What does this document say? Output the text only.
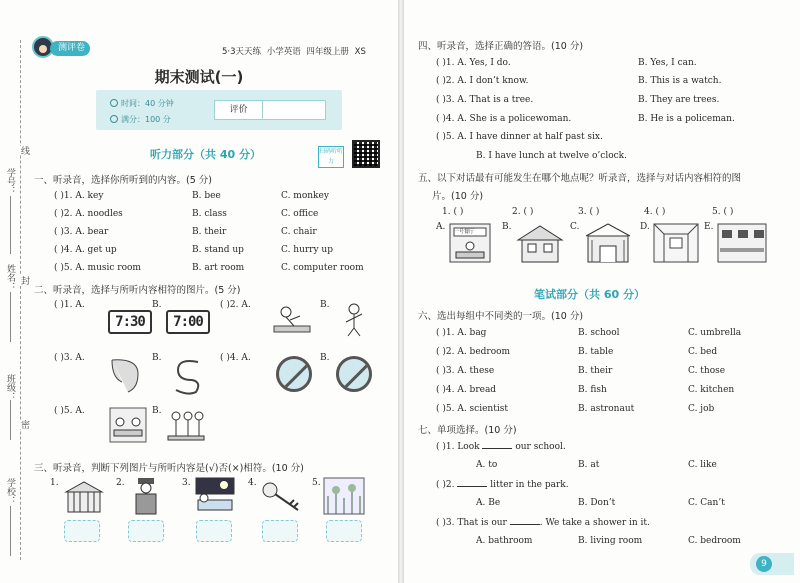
学号：
线
姓名： 封
班级：
密
学校：
测评卷	5·3天天练 小学英语 四年级上册 XS
期末测试(一)
时间：40 分钟
满分：100 分
评价
听力部分（共 40 分）	扫码听听力
一、听录音，选择你所听到的内容。(5 分)
( )1. A. key	B. bee	C. monkey
( )2. A. noodles	B. class	C. office
( )3. A. bear	B. their	C. chair
( )4. A. get up	B. stand up	C. hurry up
( )5. A. music room	B. art room	C. computer room
二、听录音，选择与所听内容相符的图片。(5 分)
( )1. A.
7:30
B.
7:00
( )2. A.	B.
( )3. A.	B.	( )4. A.	B.
( )5. A.	B.
三、听录音，判断下列图片与所听内容是(√)否(×)相符。(10 分)
1.	2.	3.	4.	5.
四、听录音，选择正确的答语。(10 分)
( )1. A. Yes, I do.	B. Yes, I can.
( )2. A. I don’t know.	B. This is a watch.
( )3. A. That is a tree.	B. They are trees.
( )4. A. She is a policewoman.	B. He is a policeman.
( )5. A. I have dinner at half past six.
B. I have lunch at twelve o’clock.
五、以下对话最有可能发生在哪个地点呢？听录音，选择与对话内容相符的图
片。(10 分)
1. ( )	2. ( )	3. ( )	4. ( )	5. ( )
A. 一号餐厅	B.	C.	D.	E.
笔试部分（共 60 分）
六、选出每组中不同类的一项。(10 分)
( )1. A. bag	B. school	C. umbrella
( )2. A. bedroom	B. table	C. bed
( )3. A. these	B. their	C. those
( )4. A. bread	B. fish	C. kitchen
( )5. A. scientist	B. astronaut	C. job
七、单项选择。(10 分)
( )1. Look	our school.
A. to	B. at	C. like
( )2.	litter in the park.
A. Be	B. Don’t	C. Can’t
( )3. That is our	. We take a shower in it.
A. bathroom	B. living room	C. bedroom
9
